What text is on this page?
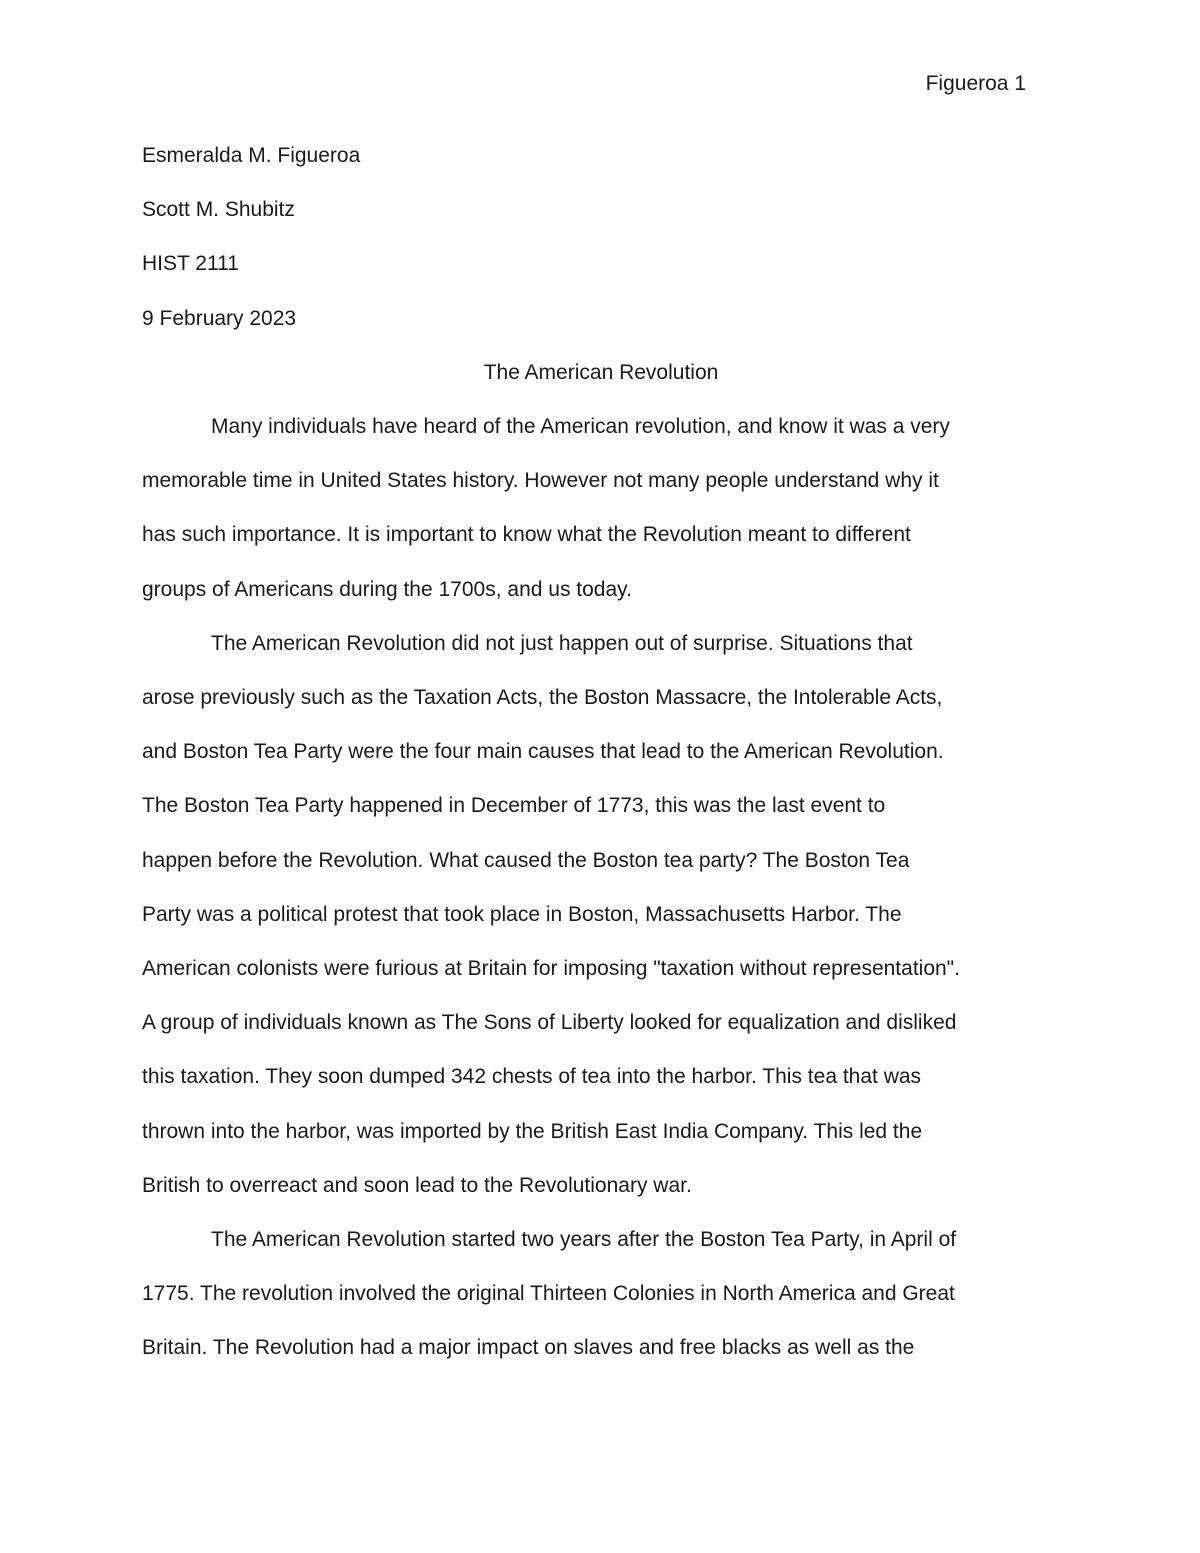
Figueroa 1

Esmeralda M. Figueroa

Scott M. Shubitz

HIST 2111

9 February 2023

The American Revolution

Many individuals have heard of the American revolution, and know it was a very
memorable time in United States history. However not many people understand why it
has such importance. It is important to know what the Revolution meant to different
groups of Americans during the 1700s, and us today.

The American Revolution did not just happen out of surprise. Situations that
arose previously such as the Taxation Acts, the Boston Massacre, the Intolerable Acts,
and Boston Tea Party were the four main causes that lead to the American Revolution.
The Boston Tea Party happened in December of 1773, this was the last event to
happen before the Revolution. What caused the Boston tea party? The Boston Tea
Party was a political protest that took place in Boston, Massachusetts Harbor. The
American colonists were furious at Britain for imposing "taxation without representation".
A group of individuals known as The Sons of Liberty looked for equalization and disliked
this taxation. They soon dumped 342 chests of tea into the harbor. This tea that was
thrown into the harbor, was imported by the British East India Company. This led the
British to overreact and soon lead to the Revolutionary war.

The American Revolution started two years after the Boston Tea Party, in April of
1775. The revolution involved the original Thirteen Colonies in North America and Great
Britain. The Revolution had a major impact on slaves and free blacks as well as the
